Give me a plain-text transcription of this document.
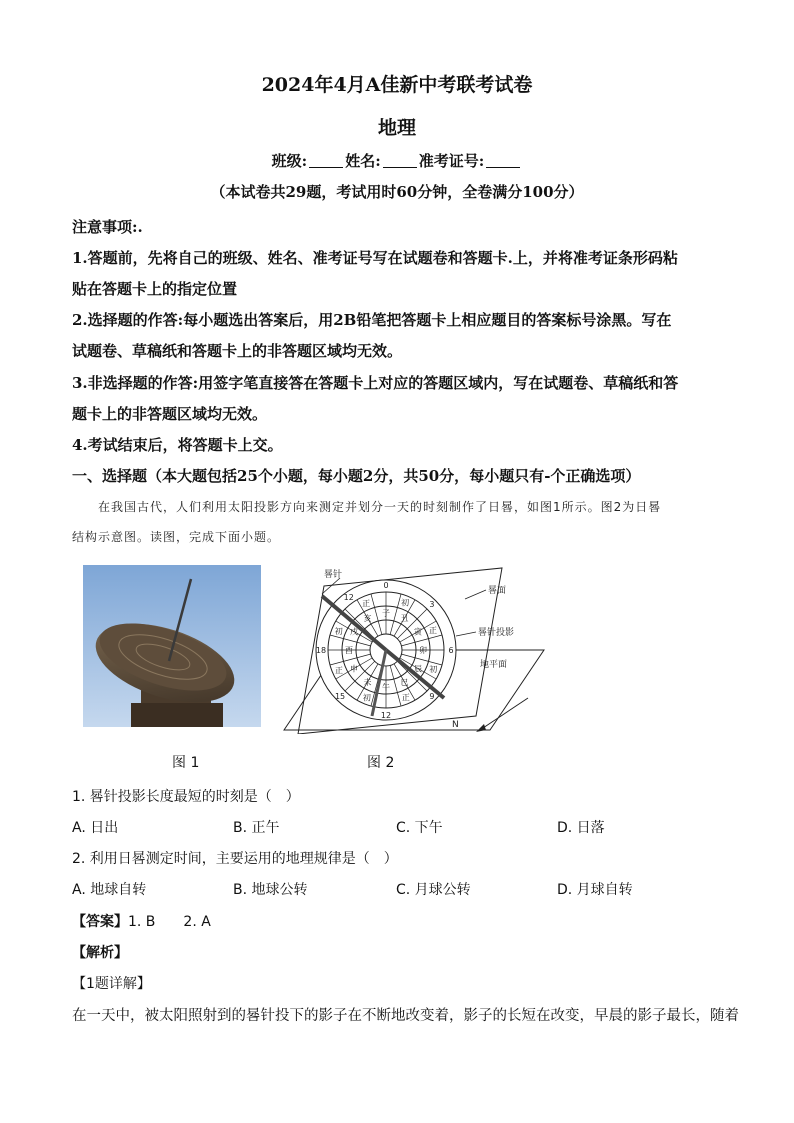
2024年4月A佳新中考联考试卷
地理
班级:	姓名:	准考证号:
（本试卷共29题，考试用时60分钟，全卷满分100分）
注意事项:.
1.答题前，先将自己的班级、姓名、准考证号写在试题卷和答题卡.上，并将准考证条形码粘
贴在答题卡上的指定位置
2.选择题的作答:每小题选出答案后，用2B铅笔把答题卡上相应题目的答案标号涂黑。写在
试题卷、草稿纸和答题卡上的非答题区域均无效。
3.非选择题的作答:用签字笔直接答在答题卡上对应的答题区域内，写在试题卷、草稿纸和答
题卡上的非答题区域均无效。
4.考试结束后，将答题卡上交。
一、选择题（本大题包括25个小题，每小题2分，共50分，每小题只有-个正确选项）
在我国古代，人们利用太阳投影方向来测定并划分一天的时刻制作了日晷，如图1所示。图2为日晷
结构示意图。读图，完成下面小题。
午
未
申
酉
戌
亥
子
丑
寅
卯
辰
巳
初
正
初
正
初
正
初
正
0
3
6
9
12
15
18
12
晷针
晷面
晷针投影
地平面
N
图 1	图 2
1. 晷针投影长度最短的时刻是（　）
A. 日出	B. 正午	C. 下午	D. 日落
2. 利用日晷测定时间，主要运用的地理规律是（　）
A. 地球自转	B. 地球公转	C. 月球公转	D. 月球自转
【答案】1. B　　2. A
【解析】
【1题详解】
在一天中，被太阳照射到的晷针投下的影子在不断地改变着，影子的长短在改变，早晨的影子最长，随着
